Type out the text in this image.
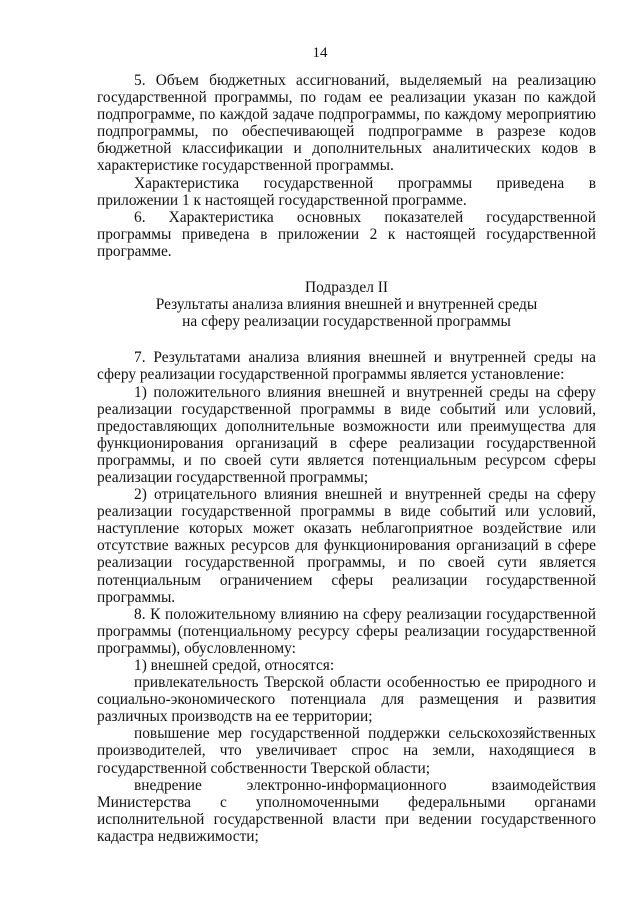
14

5. Объем бюджетных ассигнований, выделяемый на реализацию государственной программы, по годам ее реализации указан по каждой подпрограмме, по каждой задаче подпрограммы, по каждому мероприятию подпрограммы, по обеспечивающей подпрограмме в разрезе кодов бюджетной классификации и дополнительных аналитических кодов в характеристике государственной программы.

Характеристика государственной программы приведена в приложении 1 к настоящей государственной программе.

6. Характеристика основных показателей государственной программы приведена в приложении 2 к настоящей государственной программе.

Подраздел II

Результаты анализа влияния внешней и внутренней среды

на сферу реализации государственной программы

7. Результатами анализа влияния внешней и внутренней среды на сферу реализации государственной программы является установление:

1) положительного влияния внешней и внутренней среды на сферу реализации государственной программы в виде событий или условий, предоставляющих дополнительные возможности или преимущества для функционирования организаций в сфере реализации государственной программы, и по своей сути является потенциальным ресурсом сферы реализации государственной программы;

2) отрицательного влияния внешней и внутренней среды на сферу реализации государственной программы в виде событий или условий, наступление которых может оказать неблагоприятное воздействие или отсутствие важных ресурсов для функционирования организаций в сфере реализации государственной программы, и по своей сути является потенциальным ограничением сферы реализации государственной программы.

8. К положительному влиянию на сферу реализации государственной программы (потенциальному ресурсу сферы реализации государственной программы), обусловленному:

1) внешней средой, относятся:

привлекательность Тверской области особенностью ее природного и социально-экономического потенциала для размещения и развития различных производств на ее территории;

повышение мер государственной поддержки сельскохозяйственных производителей, что увеличивает спрос на земли, находящиеся в государственной собственности Тверской области;

внедрение электронно-информационного взаимодействия Министерства с уполномоченными федеральными органами исполнительной государственной власти при ведении государственного кадастра недвижимости;
